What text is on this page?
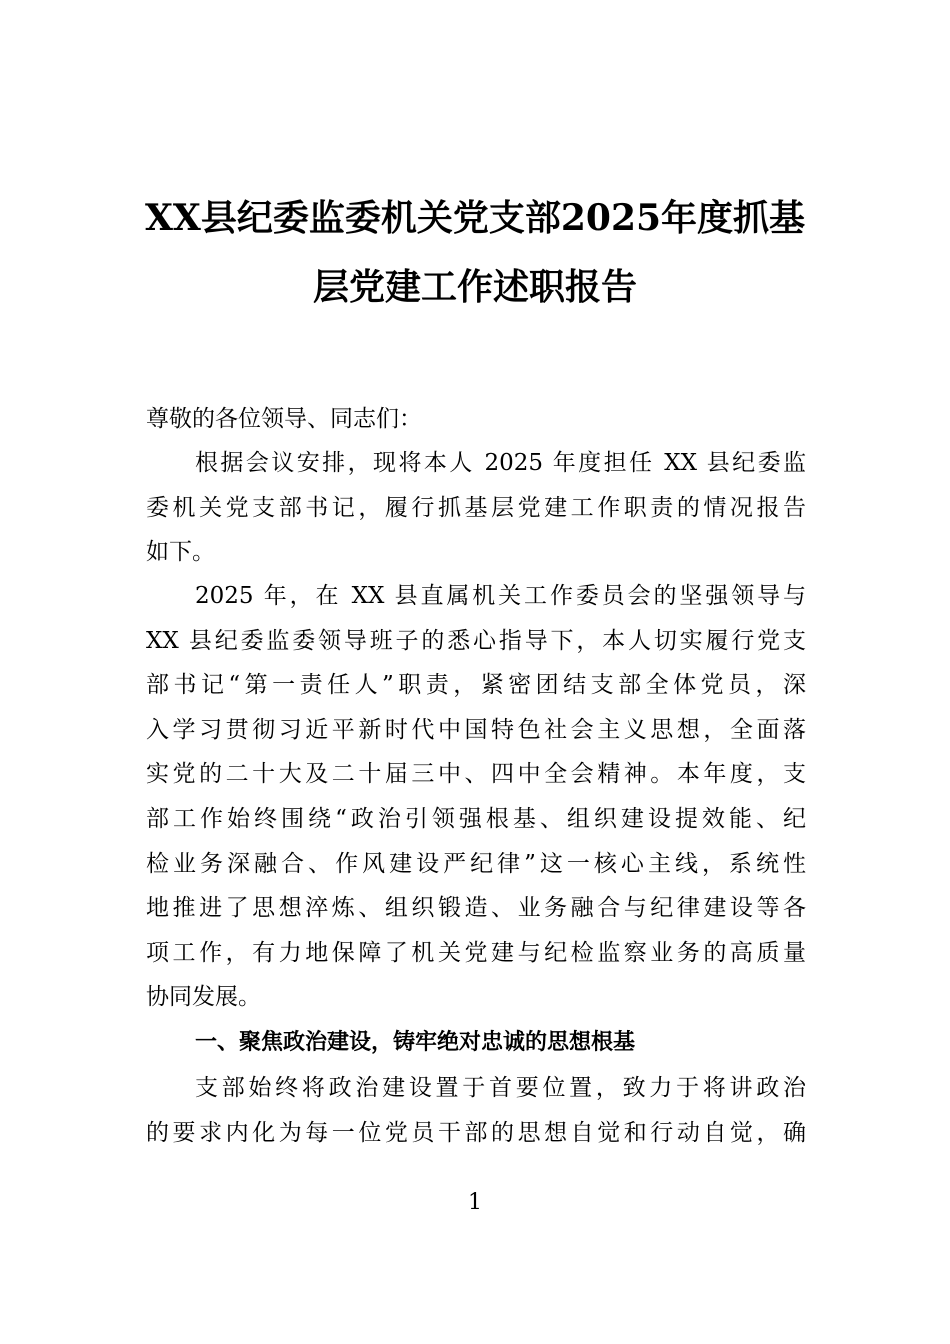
XX县纪委监委机关党支部2025年度抓基
层党建工作述职报告
尊敬的各位领导、同志们：
根据会议安排，现将本人 2025 年度担任 XX 县纪委监
委机关党支部书记，履行抓基层党建工作职责的情况报告
如下。
2025 年，在 XX 县直属机关工作委员会的坚强领导与
XX 县纪委监委领导班子的悉心指导下，本人切实履行党支
部书记“第一责任人”职责，紧密团结支部全体党员，深
入学习贯彻习近平新时代中国特色社会主义思想，全面落
实党的二十大及二十届三中、四中全会精神。本年度，支
部工作始终围绕“政治引领强根基、组织建设提效能、纪
检业务深融合、作风建设严纪律”这一核心主线，系统性
地推进了思想淬炼、组织锻造、业务融合与纪律建设等各
项工作，有力地保障了机关党建与纪检监察业务的高质量
协同发展。
一、聚焦政治建设，铸牢绝对忠诚的思想根基
支部始终将政治建设置于首要位置，致力于将讲政治
的要求内化为每一位党员干部的思想自觉和行动自觉，确
1
